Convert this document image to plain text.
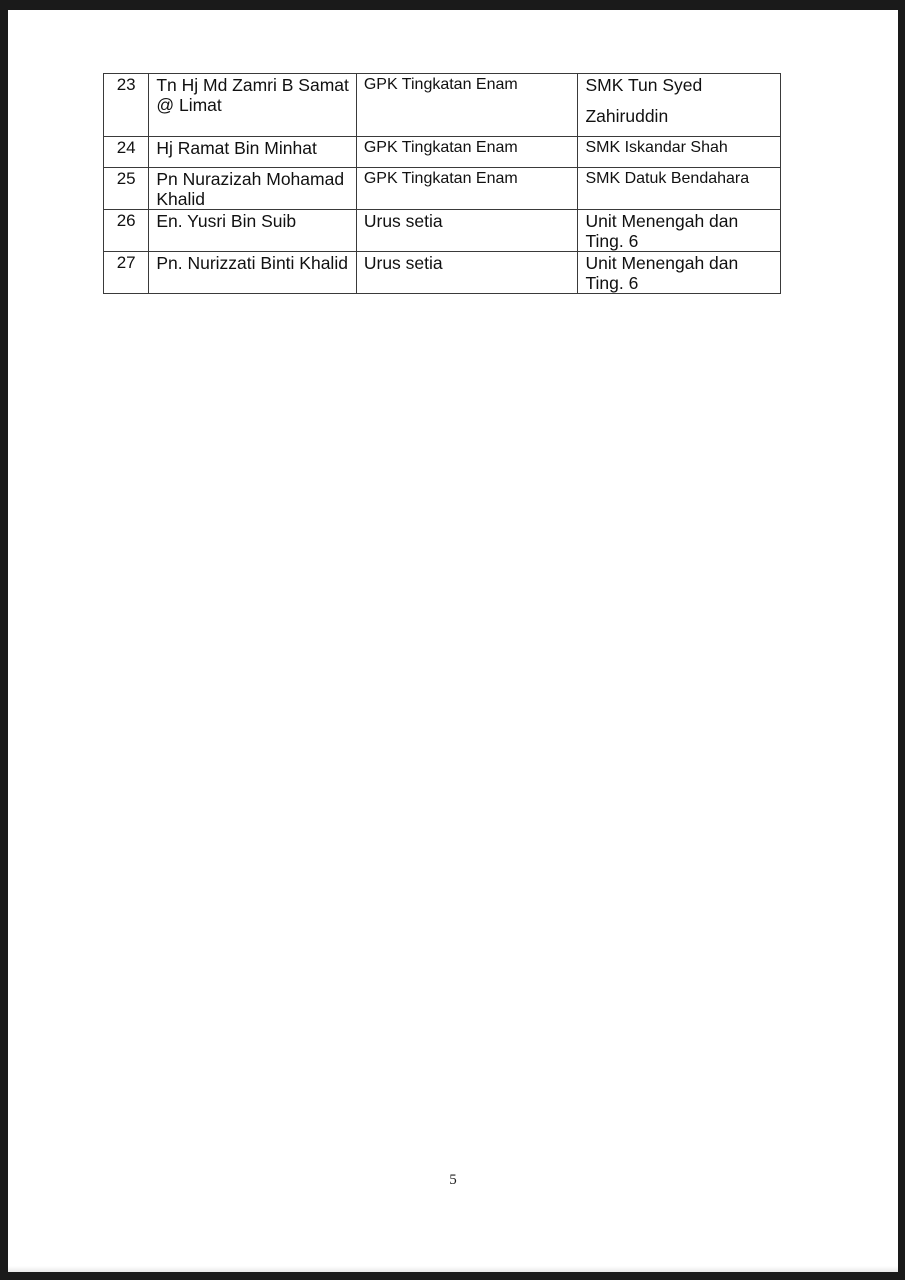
23	Tn Hj Md Zamri B Samat @ Limat	GPK Tingkatan Enam	SMK Tun Syed
Zahiruddin

24	Hj Ramat Bin Minhat	GPK Tingkatan Enam	SMK Iskandar Shah
25	Pn Nurazizah Mohamad Khalid	GPK Tingkatan Enam	SMK Datuk Bendahara
26	En. Yusri Bin Suib	Urus setia	Unit Menengah dan Ting. 6
27	Pn. Nurizzati Binti Khalid	Urus setia	Unit Menengah dan Ting. 6
5
